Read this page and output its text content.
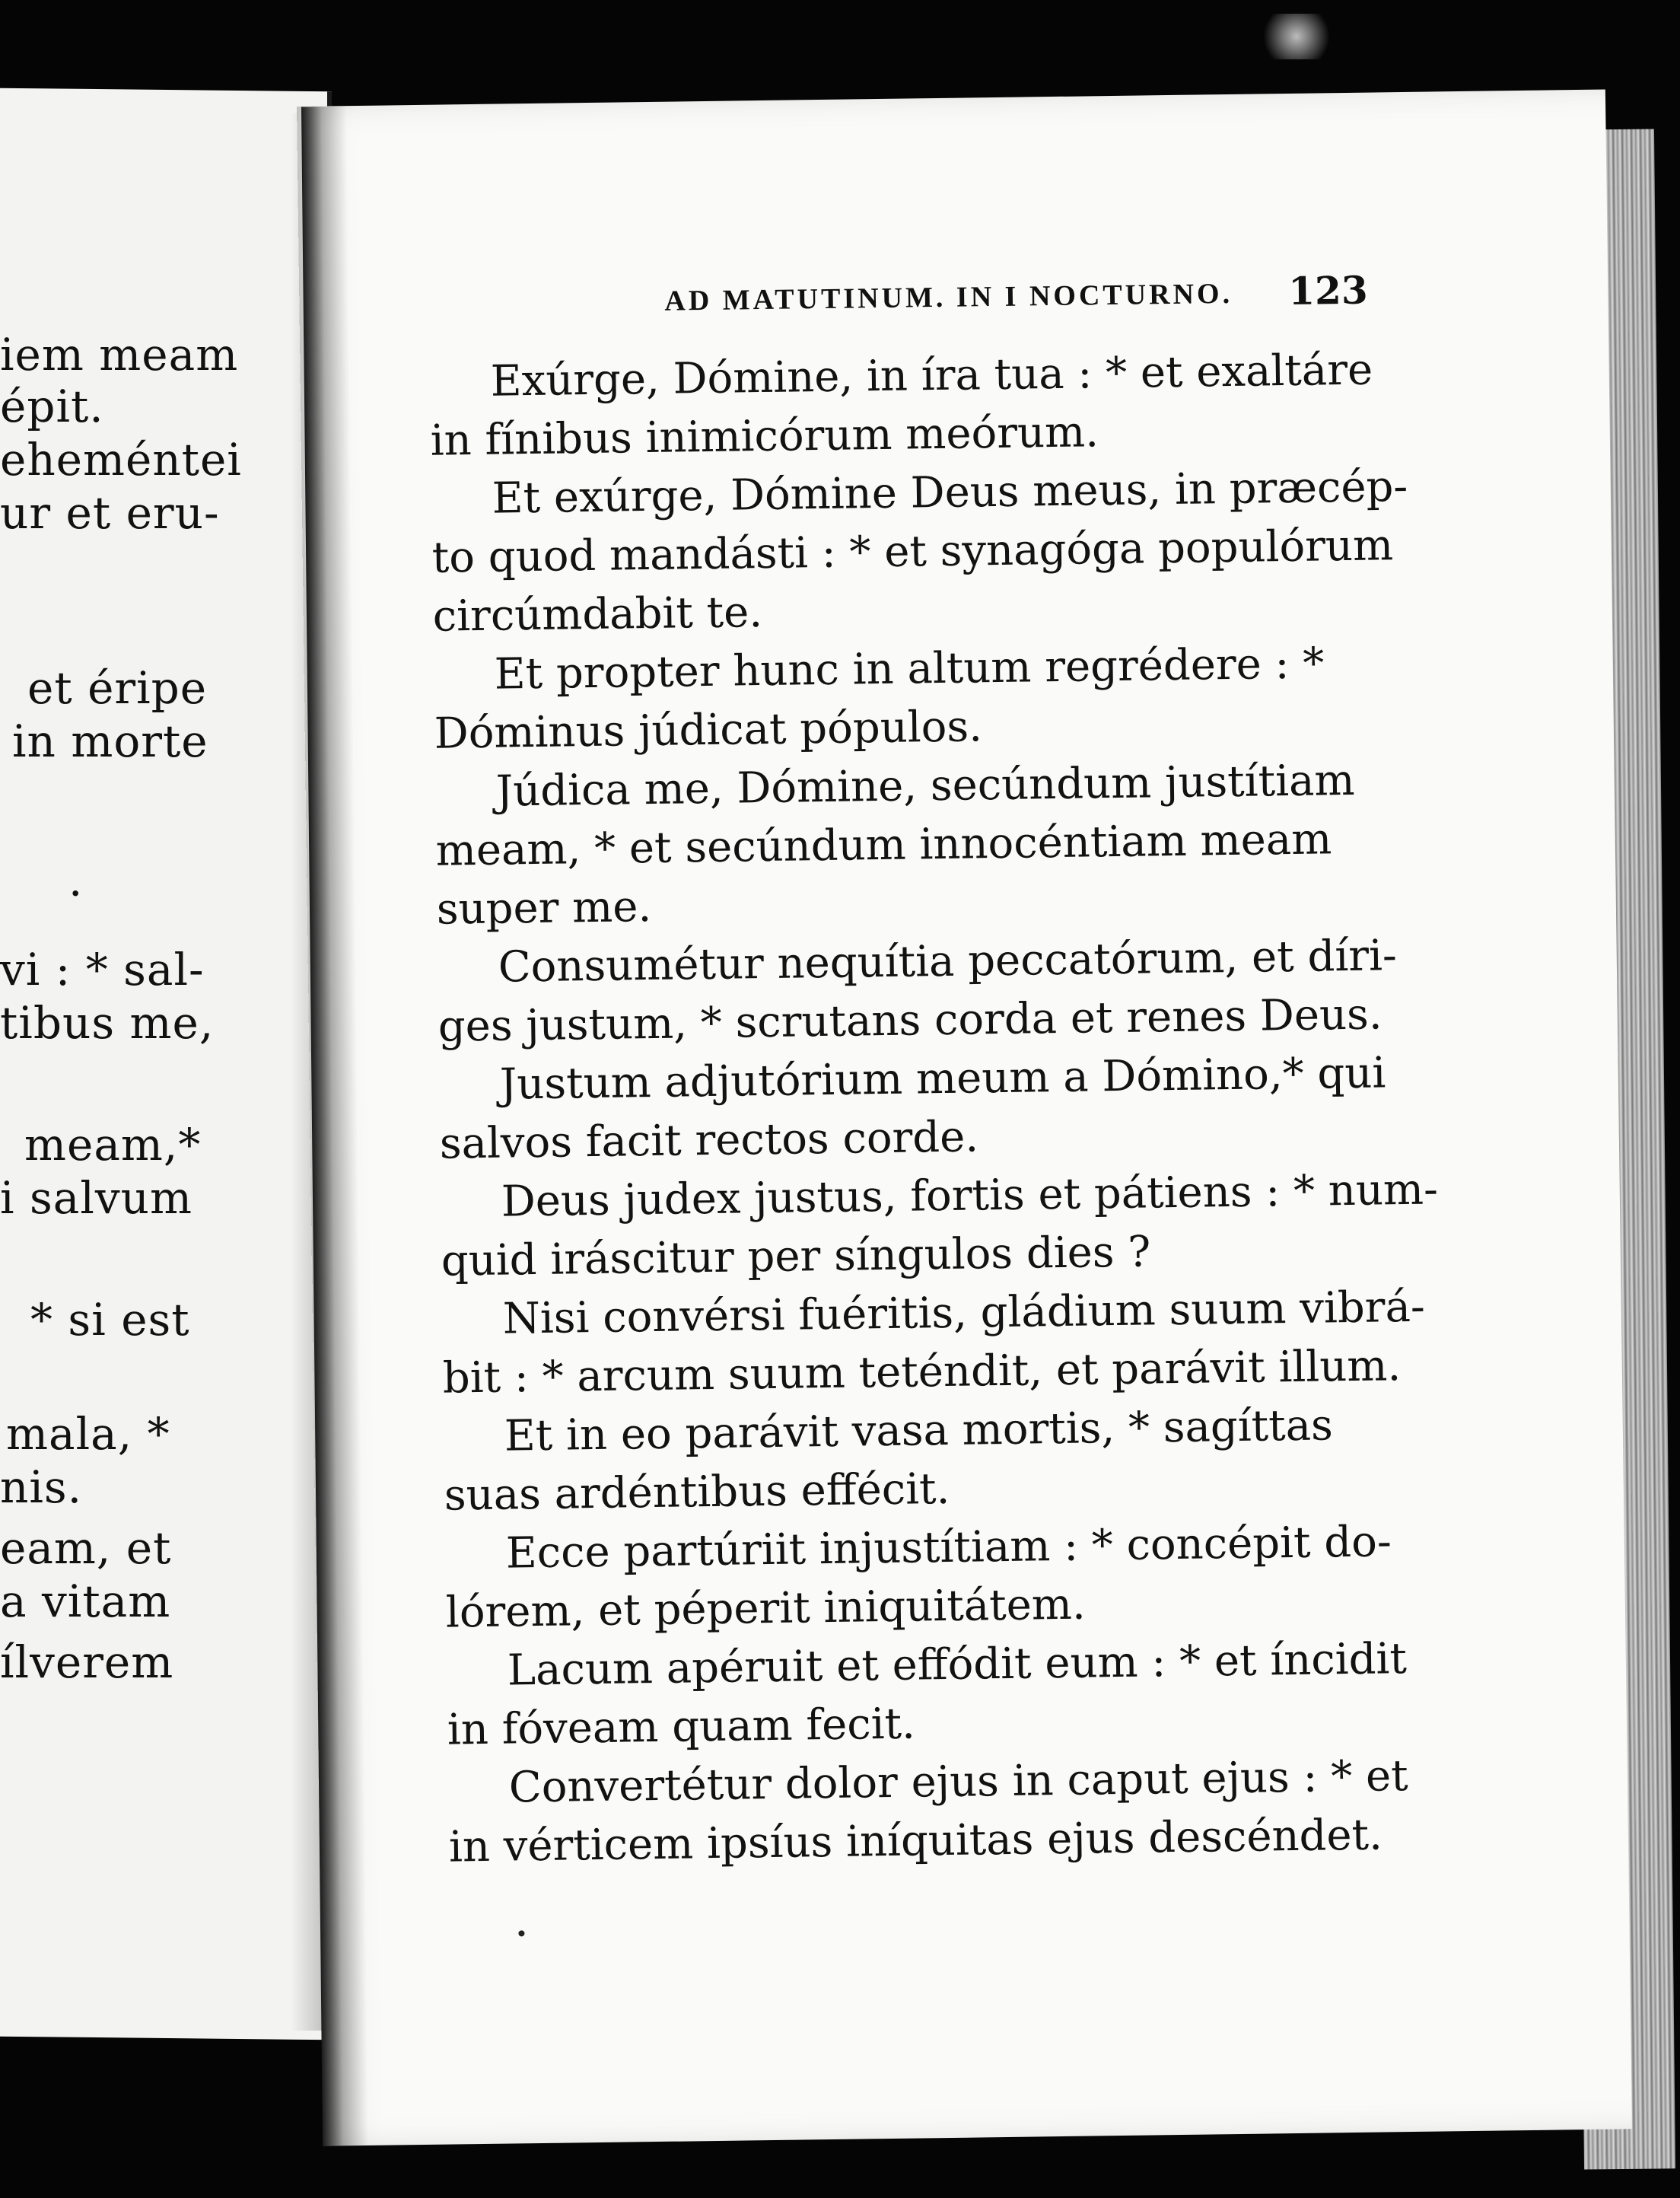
iem meam
épit.
eheméntei
ur et eru-
et éripe
in morte
·
vi : * sal-
tibus me,
meam,*
i salvum
* si est
mala, *
nis.
eam, et
a vitam
ílverem
AD MATUTINUM. IN I NOCTURNO.	123
Exúrge, Dómine, in íra tua : * et exaltáre
in fínibus inimicórum meórum.
Et exúrge, Dómine Deus meus, in præcép-
to quod mandásti : * et synagóga populórum
circúmdabit te.
Et propter hunc in altum regrédere : *
Dóminus júdicat pópulos.
Júdica me, Dómine, secúndum justítiam
meam, * et secúndum innocéntiam meam
super me.
Consumétur nequítia peccatórum, et díri-
ges justum, * scrutans corda et renes Deus.
Justum adjutórium meum a Dómino,* qui
salvos facit rectos corde.
Deus judex justus, fortis et pátiens : * num-
quid iráscitur per síngulos dies ?
Nisi convérsi fuéritis, gládium suum vibrá-
bit : * arcum suum teténdit, et parávit illum.
Et in eo parávit vasa mortis, * sagíttas
suas ardéntibus effécit.
Ecce partúriit injustítiam : * concépit do-
lórem, et péperit iniquitátem.
Lacum apéruit et effódit eum : * et íncidit
in fóveam quam fecit.
Convertétur dolor ejus in caput ejus : * et
in vérticem ipsíus iníquitas ejus descéndet.
